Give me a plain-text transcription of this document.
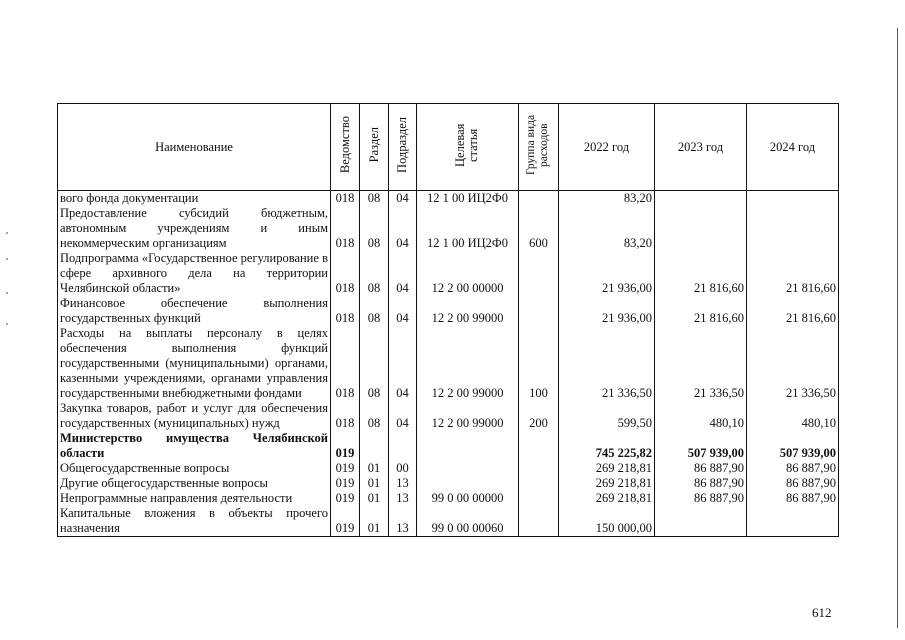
Наименование	Ведомство	Раздел	Подраздел	Целевая статья	Группа вида расходов	2022 год	2023 год	2024 год
вого фонда документации	018	08	04	12 1 00 ИЦ2Ф0		83,20		
Предоставление субсидий бюджетным, автономным учреждениям и иным некоммерческим организациям	018	08	04	12 1 00 ИЦ2Ф0	600	83,20		
Подпрограмма «Государственное регулирование в сфере архивного дела на территории Челябинской области»	018	08	04	12 2 00 00000		21 936,00	21 816,60	21 816,60
Финансовое обеспечение выполнения государственных функций	018	08	04	12 2 00 99000		21 936,00	21 816,60	21 816,60
Расходы на выплаты персоналу в целях обеспечения выполнения функций государственными (муниципальными) органами, казенными учреждениями, органами управления государственными внебюджетными фондами	018	08	04	12 2 00 99000	100	21 336,50	21 336,50	21 336,50
Закупка товаров, работ и услуг для обеспечения государственных (муниципальных) нужд	018	08	04	12 2 00 99000	200	599,50	480,10	480,10
Министерство имущества Челябинской области	019					745 225,82	507 939,00	507 939,00
Общегосударственные вопросы	019	01	00			269 218,81	86 887,90	86 887,90
Другие общегосударственные вопросы	019	01	13			269 218,81	86 887,90	86 887,90
Непрограммные направления деятельности	019	01	13	99 0 00 00000		269 218,81	86 887,90	86 887,90
Капитальные вложения в объекты прочего назначения	019	01	13	99 0 00 00060		150 000,00		
612
